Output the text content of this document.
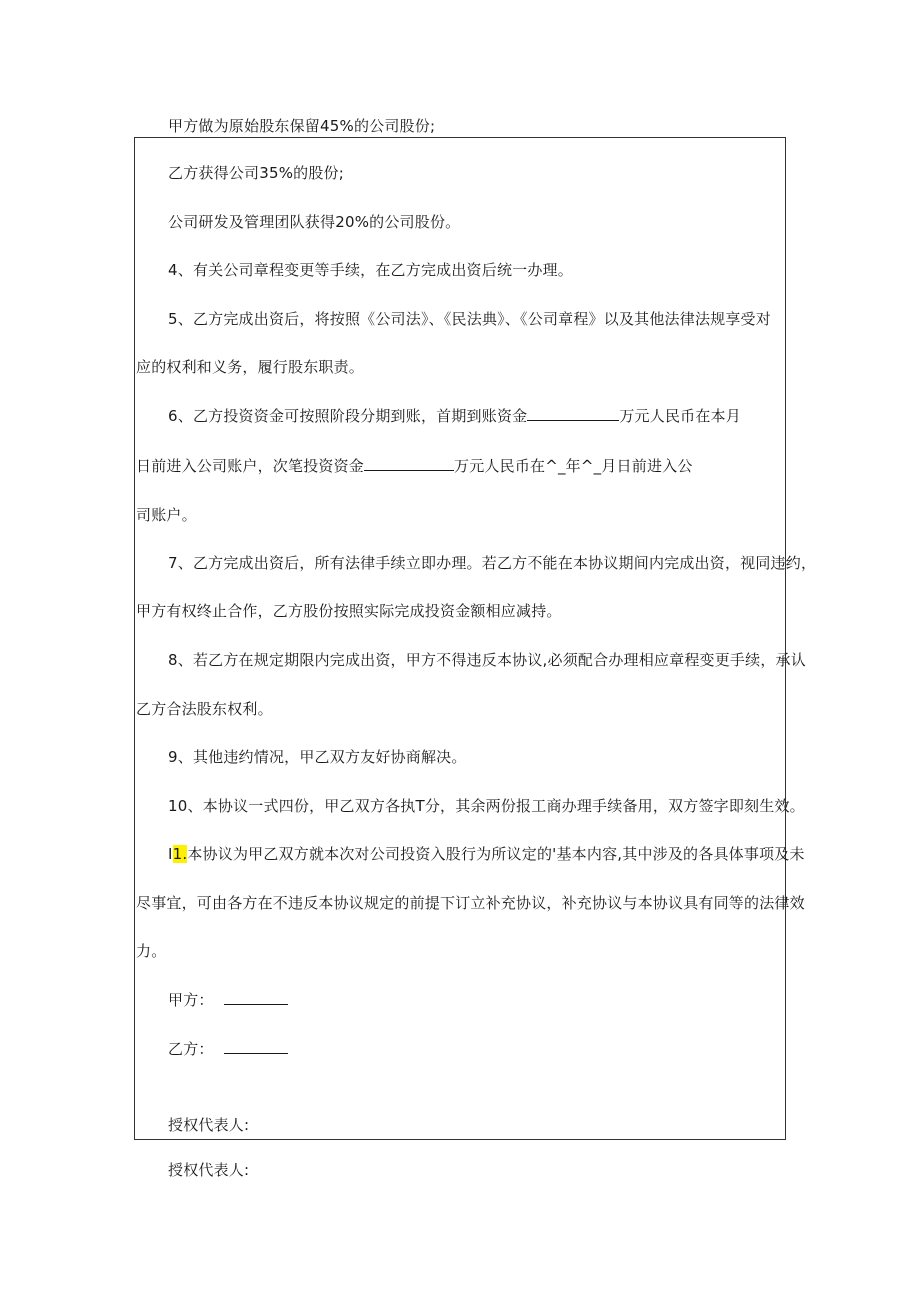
甲方做为原始股东保留45%的公司股份;
乙方获得公司35%的股份;
公司研发及管理团队获得20%的公司股份。
4、有关公司章程变更等手续，在乙方完成出资后统一办理。
5、乙方完成出资后，将按照《公司法》、《民法典》、《公司章程》以及其他法律法规享受对
应的权利和义务，履行股东职责。
6、乙方投资资金可按照阶段分期到账，首期到账资金	万元人民币在本月
日前进入公司账户，次笔投资资金	万元人民币在^_年^_月日前进入公
司账户。
7、乙方完成出资后，所有法律手续立即办理。若乙方不能在本协议期间内完成出资，视同违约，
甲方有权终止合作，乙方股份按照实际完成投资金额相应减持。
8、若乙方在规定期限内完成出资，甲方不得违反本协议,必须配合办理相应章程变更手续，承认
乙方合法股东权利。
9、其他违约情况，甲乙双方友好协商解决。
10、本协议一式四份，甲乙双方各执T分，其余两份报工商办理手续备用，双方签字即刻生效。
I1.本协议为甲乙双方就本次对公司投资入股行为所议定的'基本内容,其中涉及的各具体事项及未
尽事宜，可由各方在不违反本协议规定的前提下订立补充协议，补充协议与本协议具有同等的法律效
力。
甲方：
乙方：
授权代表人:
授权代表人:
